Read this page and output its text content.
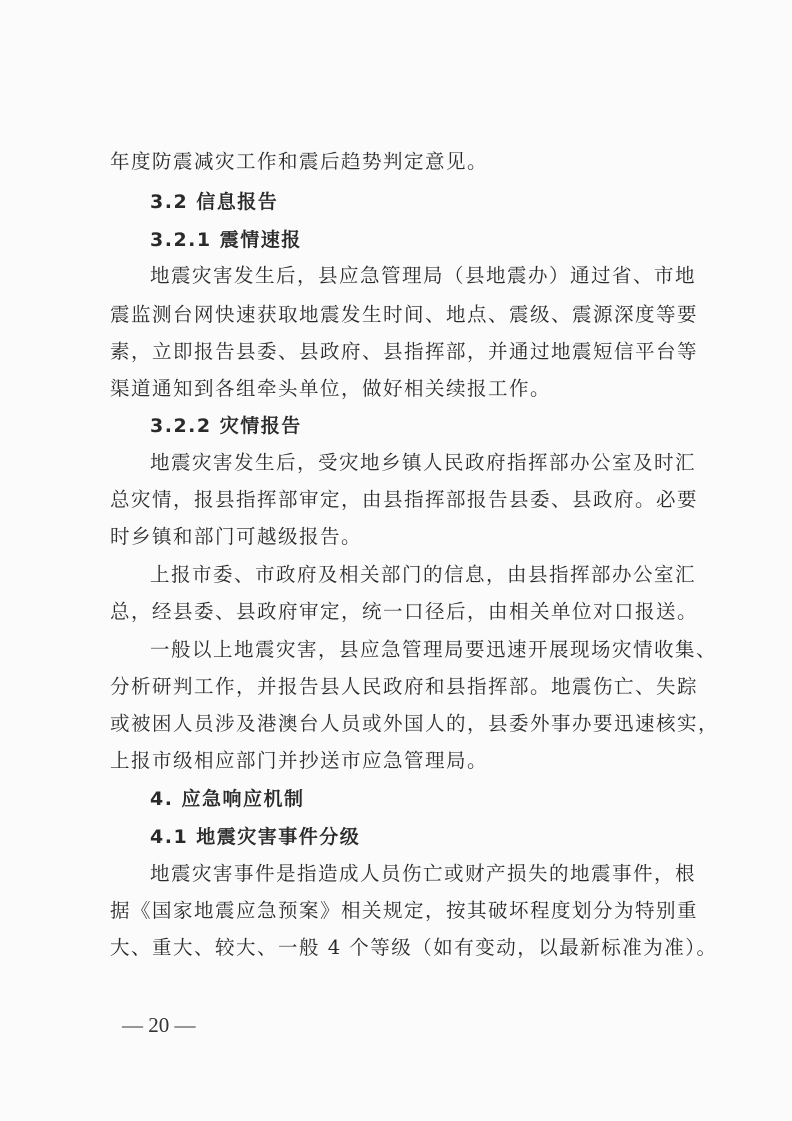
年度防震减灾工作和震后趋势判定意见。
3.2 信息报告
3.2.1 震情速报
地震灾害发生后，县应急管理局（县地震办）通过省、市地
震监测台网快速获取地震发生时间、地点、震级、震源深度等要
素，立即报告县委、县政府、县指挥部，并通过地震短信平台等
渠道通知到各组牵头单位，做好相关续报工作。
3.2.2 灾情报告
地震灾害发生后，受灾地乡镇人民政府指挥部办公室及时汇
总灾情，报县指挥部审定，由县指挥部报告县委、县政府。必要
时乡镇和部门可越级报告。
上报市委、市政府及相关部门的信息，由县指挥部办公室汇
总，经县委、县政府审定，统一口径后，由相关单位对口报送。
一般以上地震灾害，县应急管理局要迅速开展现场灾情收集、
分析研判工作，并报告县人民政府和县指挥部。地震伤亡、失踪
或被困人员涉及港澳台人员或外国人的，县委外事办要迅速核实，
上报市级相应部门并抄送市应急管理局。
4. 应急响应机制
4.1 地震灾害事件分级
地震灾害事件是指造成人员伤亡或财产损失的地震事件，根
据《国家地震应急预案》相关规定，按其破坏程度划分为特别重
大、重大、较大、一般 4 个等级（如有变动，以最新标准为准）。
— 20 —
